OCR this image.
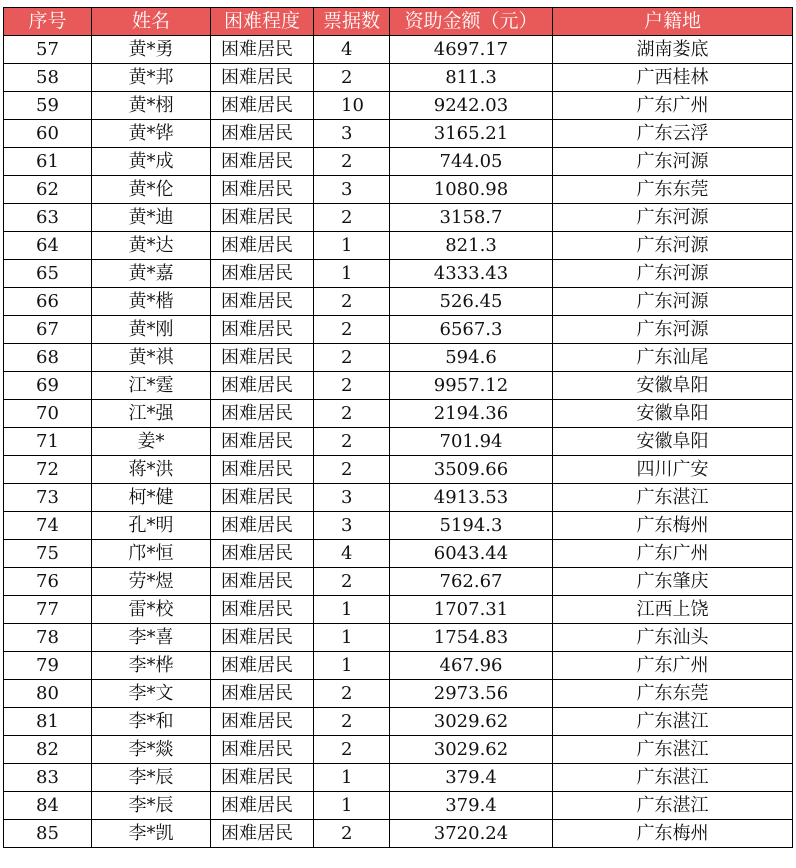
序号	姓名	困难程度	票据数	资助金额（元）	户籍地
57	黄*勇	困难居民	4	4697.17	湖南娄底
58	黄*邦	困难居民	2	811.3	广西桂林
59	黄*栩	困难居民	10	9242.03	广东广州
60	黄*铧	困难居民	3	3165.21	广东云浮
61	黄*成	困难居民	2	744.05	广东河源
62	黄*伦	困难居民	3	1080.98	广东东莞
63	黄*迪	困难居民	2	3158.7	广东河源
64	黄*达	困难居民	1	821.3	广东河源
65	黄*嘉	困难居民	1	4333.43	广东河源
66	黄*楷	困难居民	2	526.45	广东河源
67	黄*刚	困难居民	2	6567.3	广东河源
68	黄*祺	困难居民	2	594.6	广东汕尾
69	江*霆	困难居民	2	9957.12	安徽阜阳
70	江*强	困难居民	2	2194.36	安徽阜阳
71	姜*	困难居民	2	701.94	安徽阜阳
72	蒋*洪	困难居民	2	3509.66	四川广安
73	柯*健	困难居民	3	4913.53	广东湛江
74	孔*明	困难居民	3	5194.3	广东梅州
75	邝*恒	困难居民	4	6043.44	广东广州
76	劳*煜	困难居民	2	762.67	广东肇庆
77	雷*校	困难居民	1	1707.31	江西上饶
78	李*喜	困难居民	1	1754.83	广东汕头
79	李*桦	困难居民	1	467.96	广东广州
80	李*文	困难居民	2	2973.56	广东东莞
81	李*和	困难居民	2	3029.62	广东湛江
82	李*燚	困难居民	2	3029.62	广东湛江
83	李*辰	困难居民	1	379.4	广东湛江
84	李*辰	困难居民	1	379.4	广东湛江
85	李*凯	困难居民	2	3720.24	广东梅州
